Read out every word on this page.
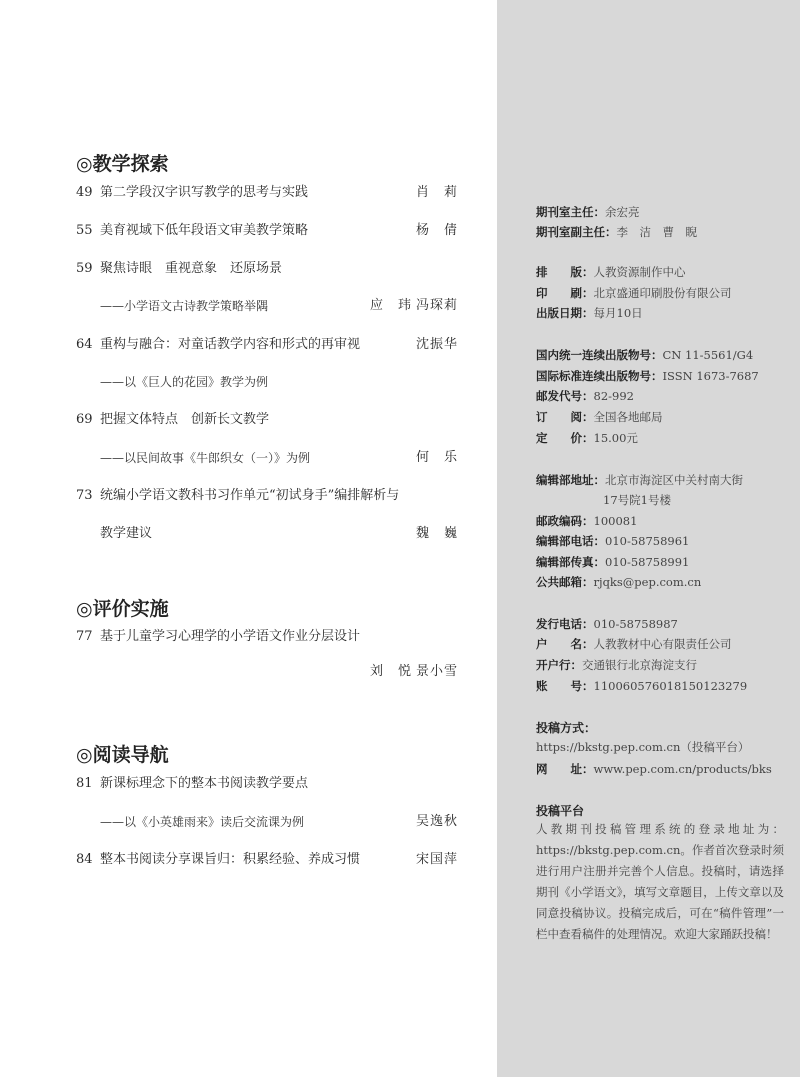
◎教学探索
49 第二学段汉字识写教学的思考与实践	肖　莉
55 美育视域下低年段语文审美教学策略	杨　倩
59 聚焦诗眼　重视意象　还原场景
——小学语文古诗教学策略举隅	应　玮 冯琛莉
64 重构与融合：对童话教学内容和形式的再审视	沈振华
——以《巨人的花园》教学为例
69 把握文体特点　创新长文教学
——以民间故事《牛郎织女（一）》为例	何　乐
73 统编小学语文教科书习作单元“初试身手”编排解析与
教学建议	魏　巍
◎评价实施
77 基于儿童学习心理学的小学语文作业分层设计
刘　悦 景小雪
◎阅读导航
81 新课标理念下的整本书阅读教学要点
——以《小英雄雨来》读后交流课为例	吴逸秋
84 整本书阅读分享课旨归：积累经验、养成习惯	宋国萍
期刊室主任：余宏亮
期刊室副主任：李　洁　曹　睨
排　　版：人教资源制作中心
印　　刷：北京盛通印刷股份有限公司
出版日期：每月10日
国内统一连续出版物号：CN 11-5561/G4
国际标准连续出版物号：ISSN 1673-7687
邮发代号：82-992
订　　阅：全国各地邮局
定　　价：15.00元
编辑部地址：北京市海淀区中关村南大街
17号院1号楼
邮政编码：100081
编辑部电话：010-58758961
编辑部传真：010-58758991
公共邮箱：rjqks@pep.com.cn
发行电话：010-58758987
户　　名：人教教材中心有限责任公司
开户行：交通银行北京海淀支行
账　　号：110060576018150123279
投稿方式：
https://bkstg.pep.com.cn（投稿平台）
网　　址：www.pep.com.cn/products/bks
投稿平台
人教期刊投稿管理系统的登录地址为：https://bkstg.pep.com.cn。作者首次登录时须进行用户注册并完善个人信息。投稿时，请选择期刊《小学语文》，填写文章题目，上传文章以及同意投稿协议。投稿完成后，可在“稿件管理”一栏中查看稿件的处理情况。欢迎大家踊跃投稿！
